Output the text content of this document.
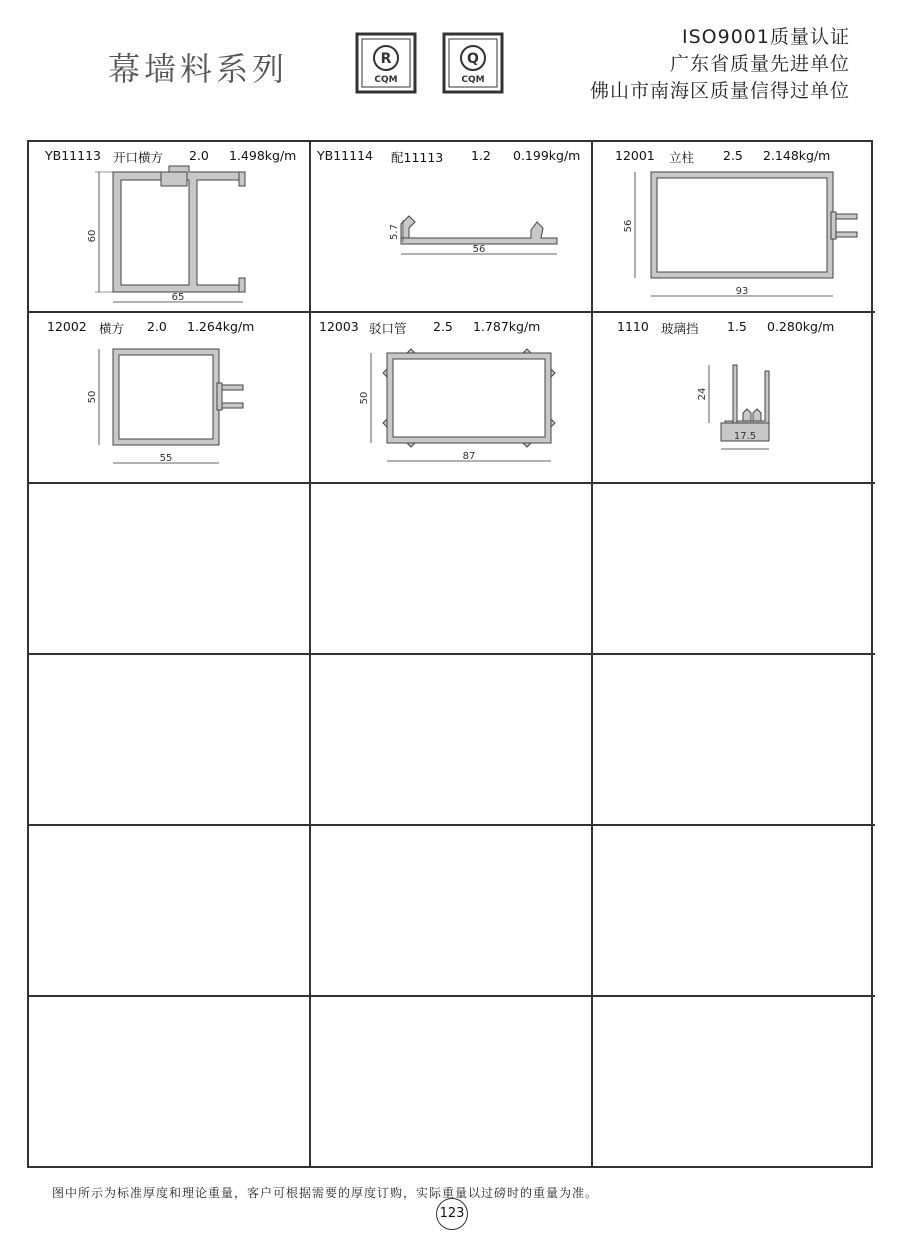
幕墙料系列	R
CQM
Q
CQM
ISO9001质量认证
广东省质量先进单位
佛山市南海区质量信得过单位
YB11113 开口横方 2.0 1.498kg/m
60
65
YB11114 配11113 1.2 0.199kg/m
5.7
56
12001 立柱 2.5 2.148kg/m
56
93
12002 横方 2.0 1.264kg/m
50
55
12003 驳口管 2.5 1.787kg/m
50
87
1110 玻璃挡 1.5 0.280kg/m
24
17.5
图中所示为标准厚度和理论重量，客户可根据需要的厚度订购，实际重量以过磅时的重量为准。
123
